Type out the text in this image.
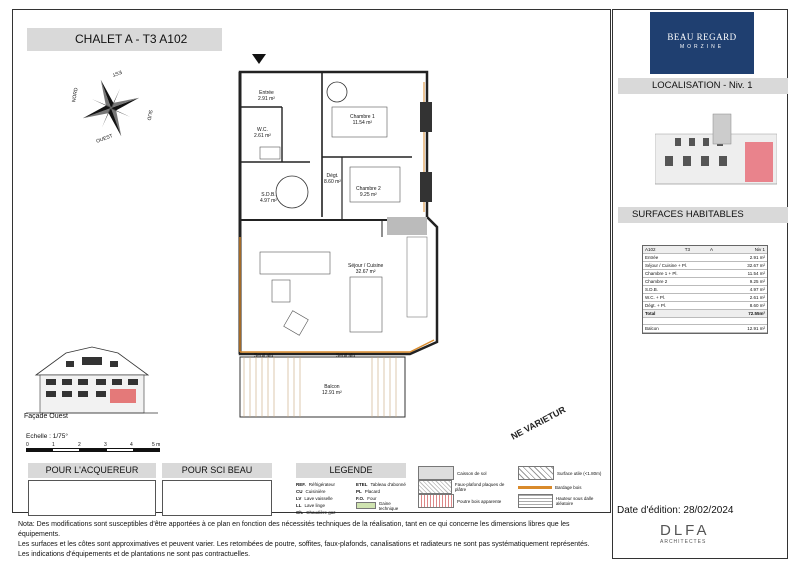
CHALET A - T3 A102
EST
NORD
SUD
OUEST
Entrée
2.91 m²
W.C.
2.61 m²
Chambre 1
11.54 m²
Dégt.
8.60 m²
Chambre 2
9.25 m²
S.D.B.
4.97 m²
Séjour / Cuisine
32.67 m²
Balcon
12.91 m²
Seuil alu	Seuil alu
NE VARIETUR
Façade Ouest
Echelle : 1/75°
0	1	2	3	4	5 m
POUR L'ACQUEREUR	POUR SCI BEAU	LEGENDE
REF. Réfrigérateur
CU Cuisinière
LV Lave vaisselle
LL Lave linge
Ch. Chaudière gaz
ETEL Tableau d'abonné
PL Placard
F.O. Four
Gaine technique
Caisson de sol
Faux-plafond plaques de plâtre
Poutre bois apparente
Surface utile (<1.80m)
Bardage bois
Hauteur sous dalle aléatoire
BEAU REGARD
MORZINE
LOCALISATION - Niv. 1
SURFACES HABITABLES
A102	T3	A	Niv 1
Entrée			2.91 m²
Séjour / Cuisine + Pl.			32.67 m²
Chambre 1 + Pl.			11.54 m²
Chambre 2			9.25 m²
S.D.B.			4.97 m²
W.C. + Pl.			2.61 m²
Dégt. + Pl.			8.60 m²
Total			72.55m²

Balcon			12.91 m²
Date d'édition: 28/02/2024
DLFA
ARCHITECTES
Nota: Des modifications sont susceptibles d'être apportées à ce plan en fonction des nécessités techniques de la réalisation, tant en ce qui concerne les dimensions libres que les équipements.
Les surfaces et les côtes sont approximatives et peuvent varier. Les retombées de poutre, soffites, faux-plafonds, canalisations et radiateurs ne sont pas systématiquement représentés.
Les indications d'équipements et de plantations ne sont pas contractuelles.
